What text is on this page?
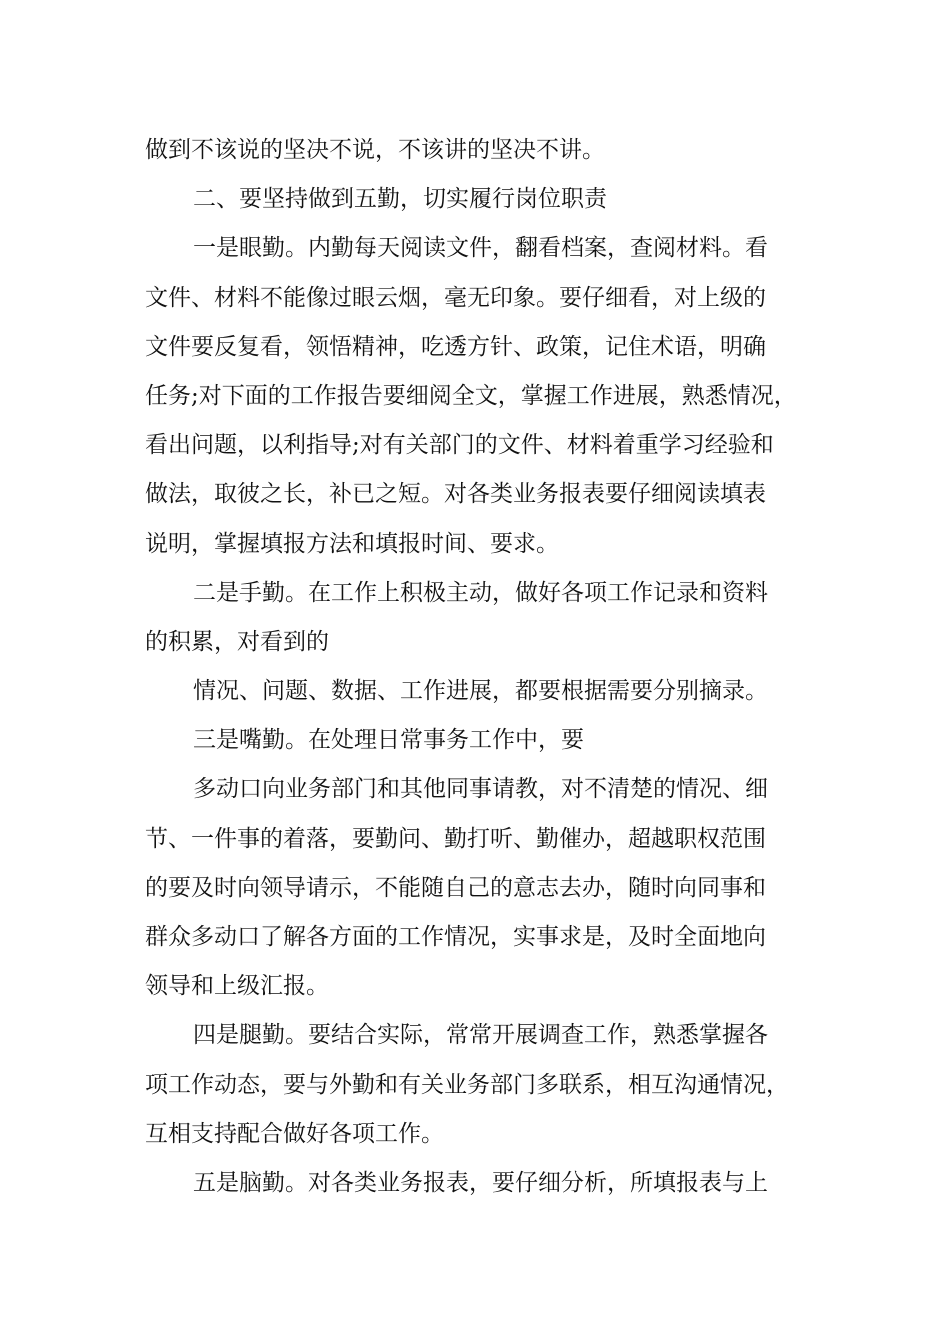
做到不该说的坚决不说，不该讲的坚决不讲。
二、要坚持做到五勤，切实履行岗位职责
一是眼勤。内勤每天阅读文件，翻看档案，查阅材料。看
文件、材料不能像过眼云烟，毫无印象。要仔细看，对上级的
文件要反复看，领悟精神，吃透方针、政策，记住术语，明确
任务;对下面的工作报告要细阅全文，掌握工作进展，熟悉情况，
看出问题，以利指导;对有关部门的文件、材料着重学习经验和
做法，取彼之长，补已之短。对各类业务报表要仔细阅读填表
说明，掌握填报方法和填报时间、要求。
二是手勤。在工作上积极主动，做好各项工作记录和资料
的积累，对看到的
情况、问题、数据、工作进展，都要根据需要分别摘录。
三是嘴勤。在处理日常事务工作中，要
多动口向业务部门和其他同事请教，对不清楚的情况、细
节、一件事的着落，要勤问、勤打听、勤催办，超越职权范围
的要及时向领导请示，不能随自己的意志去办，随时向同事和
群众多动口了解各方面的工作情况，实事求是，及时全面地向
领导和上级汇报。
四是腿勤。要结合实际，常常开展调查工作，熟悉掌握各
项工作动态，要与外勤和有关业务部门多联系，相互沟通情况，
互相支持配合做好各项工作。
五是脑勤。对各类业务报表，要仔细分析，所填报表与上
